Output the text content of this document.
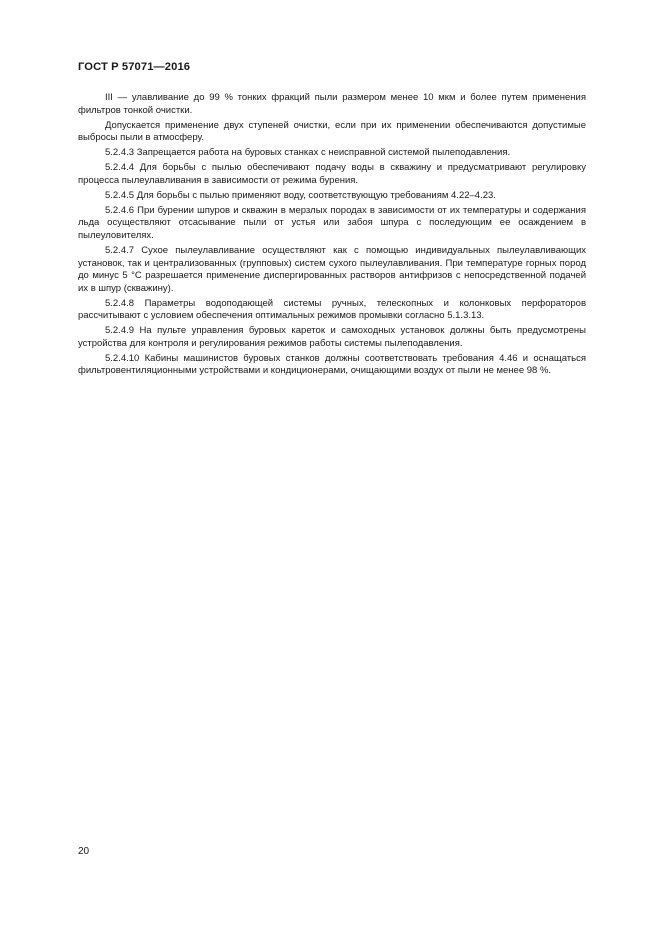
ГОСТ Р 57071—2016

III — улавливание до 99 % тонких фракций пыли размером менее 10 мкм и более путем применения фильтров тонкой очистки.

Допускается применение двух ступеней очистки, если при их применении обеспечиваются допустимые выбросы пыли в атмосферу.

5.2.4.3 Запрещается работа на буровых станках с неисправной системой пылеподавления.

5.2.4.4 Для борьбы с пылью обеспечивают подачу воды в скважину и предусматривают регулировку процесса пылеулавливания в зависимости от режима бурения.

5.2.4.5 Для борьбы с пылью применяют воду, соответствующую требованиям 4.22–4.23.

5.2.4.6 При бурении шпуров и скважин в мерзлых породах в зависимости от их температуры и содержания льда осуществляют отсасывание пыли от устья или забоя шпура с последующим ее осаждением в пылеуловителях.

5.2.4.7 Сухое пылеулавливание осуществляют как с помощью индивидуальных пылеулавливающих установок, так и централизованных (групповых) систем сухого пылеулавливания. При температуре горных пород до минус 5 °С разрешается применение диспергированных растворов антифризов с непосредственной подачей их в шпур (скважину).

5.2.4.8 Параметры водоподающей системы ручных, телескопных и колонковых перфораторов рассчитывают с условием обеспечения оптимальных режимов промывки согласно 5.1.3.13.

5.2.4.9 На пульте управления буровых кареток и самоходных установок должны быть предусмотрены устройства для контроля и регулирования режимов работы системы пылеподавления.

5.2.4.10 Кабины машинистов буровых станков должны соответствовать требования 4.46 и оснащаться фильтровентиляционными устройствами и кондиционерами, очищающими воздух от пыли не менее 98 %.

20
